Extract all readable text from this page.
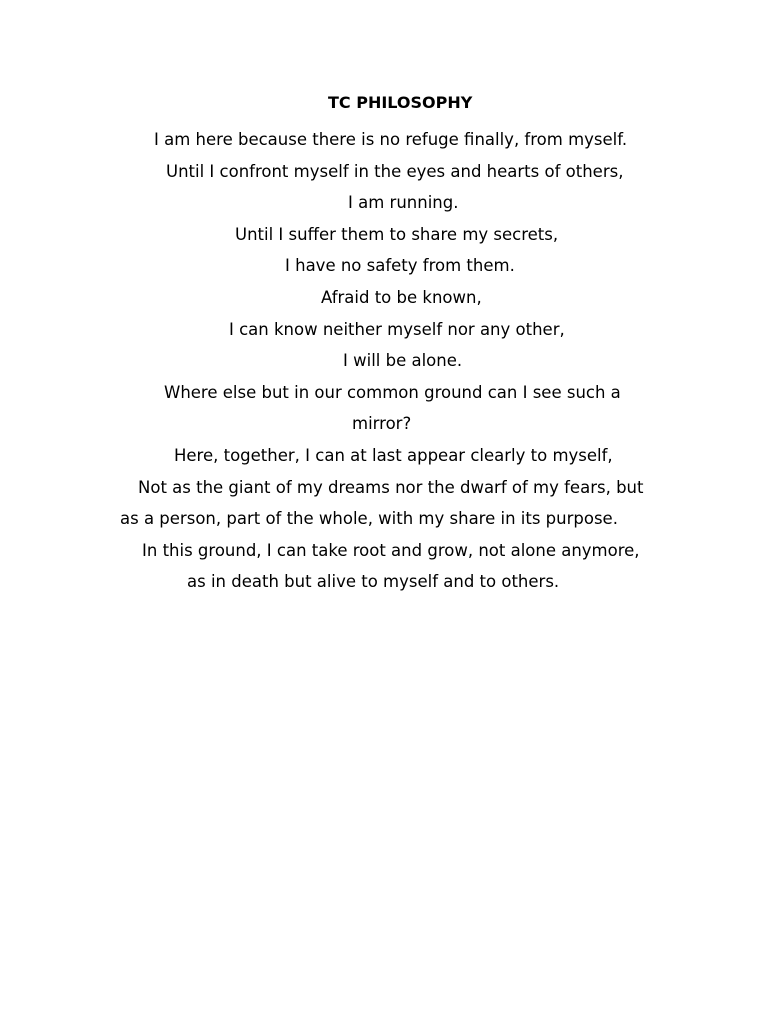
TC PHILOSOPHY
I am here because there is no refuge finally, from myself.
Until I confront myself in the eyes and hearts of others,
I am running.
Until I suffer them to share my secrets,
I have no safety from them.
Afraid to be known,
I can know neither myself nor any other,
I will be alone.
Where else but in our common ground can I see such a
mirror?
Here, together, I can at last appear clearly to myself,
Not as the giant of my dreams nor the dwarf of my fears, but
as a person, part of the whole, with my share in its purpose.
In this ground, I can take root and grow, not alone anymore,
as in death but alive to myself and to others.
